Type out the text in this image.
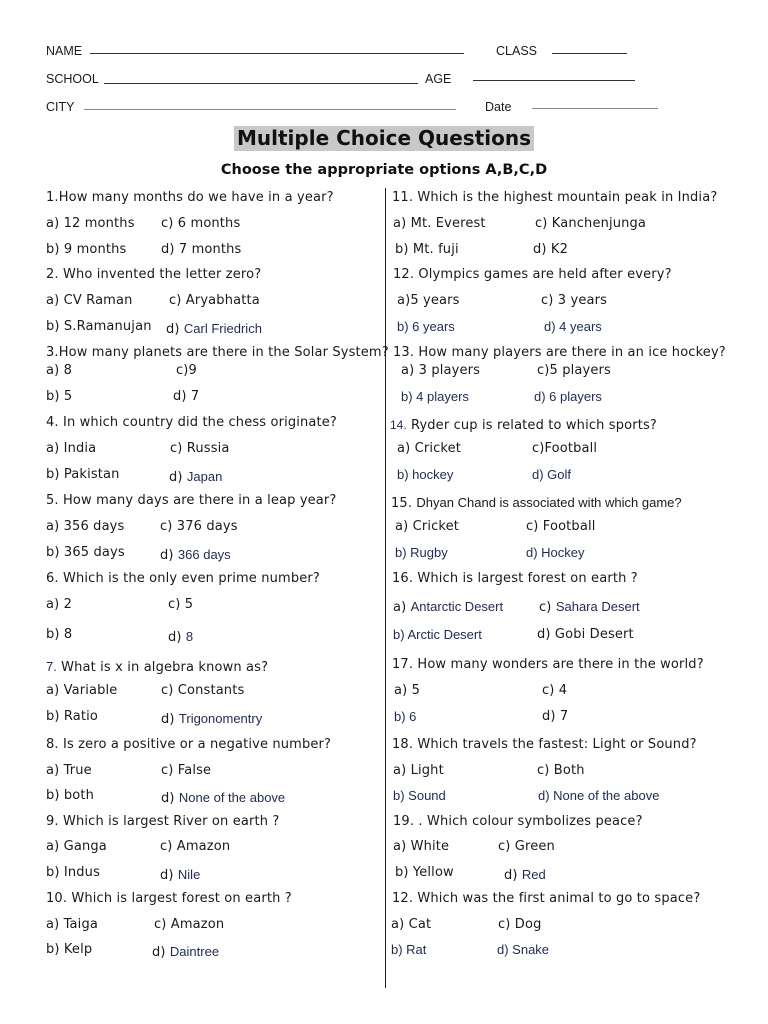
NAME	CLASS
SCHOOL	AGE
CITY	Date
Multiple Choice Questions
Choose the appropriate options A,B,C,D
1.How many months do we have in a year?
a) 12 months c) 6 months
b) 9 months	d) 7 months
2. Who invented the letter zero?
a) CV Raman	c) Aryabhatta
b) S.Ramanujan d) Carl Friedrich
3.How many planets are there in the Solar System?
a) 8	c)9
b) 5	d) 7
4. In which country did the chess originate?
a) India	c) Russia
b) Pakistan	d) Japan
5. How many days are there in a leap year?
a) 356 days	c) 376 days
b) 365 days	d) 366 days
6. Which is the only even prime number?
a) 2	c) 5
b) 8	d) 8
7. What is x in algebra known as?
a) Variable	c) Constants
b) Ratio	d) Trigonomentry
8. Is zero a positive or a negative number?
a) True	c) False
b) both	d) None of the above
9. Which is largest River on earth ?
a) Ganga	c) Amazon
b) Indus	d) Nile
10. Which is largest forest on earth ?
a) Taiga	c) Amazon
b) Kelp	d) Daintree
11. Which is the highest mountain peak in India?
a) Mt. Everest	c) Kanchenjunga
b) Mt. fuji	d) K2
12. Olympics games are held after every?
a)5 years	c) 3 years
b) 6 years	d) 4 years
13. How many players are there in an ice hockey?
a) 3 players	c)5 players
b) 4 players	d) 6 players
14. Ryder cup is related to which sports?
a) Cricket	c)Football
b) hockey	d) Golf
15. Dhyan Chand is associated with which game?
a) Cricket	c) Football
b) Rugby	d) Hockey
16. Which is largest forest on earth ?
a) Antarctic Desert	c) Sahara Desert
b) Arctic Desert	d) Gobi Desert
17. How many wonders are there in the world?
a) 5	c) 4
b) 6	d) 7
18. Which travels the fastest: Light or Sound?
a) Light	c) Both
b) Sound	d) None of the above
19. . Which colour symbolizes peace?
a) White	c) Green
b) Yellow	d) Red
12. Which was the first animal to go to space?
a) Cat	c) Dog
b) Rat	d) Snake
